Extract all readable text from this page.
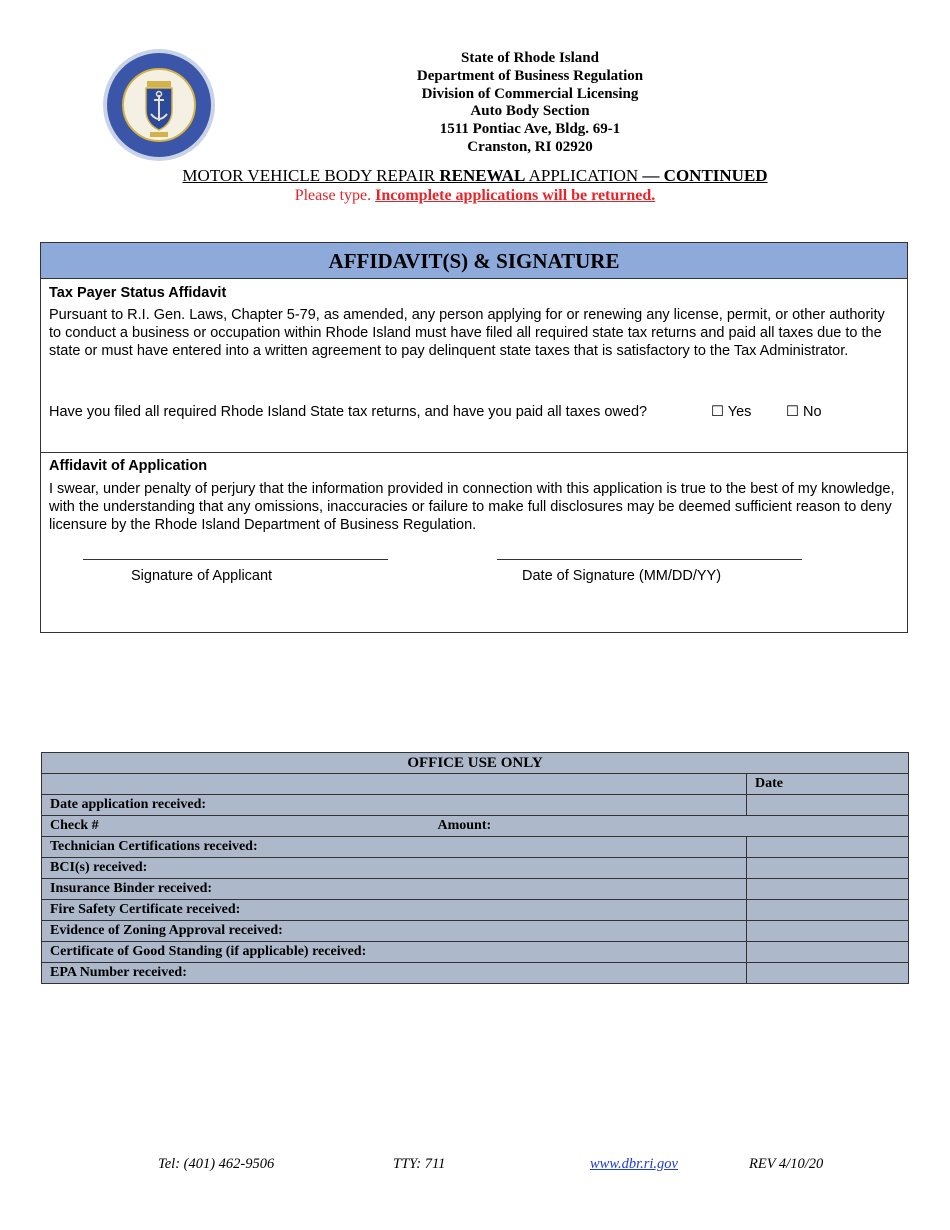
State of Rhode Island
Department of Business Regulation
Division of Commercial Licensing
Auto Body Section
1511 Pontiac Ave, Bldg. 69-1
Cranston, RI 02920
MOTOR VEHICLE BODY REPAIR RENEWAL APPLICATION — CONTINUED
Please type. Incomplete applications will be returned.
AFFIDAVIT(S) & SIGNATURE
Tax Payer Status Affidavit
Pursuant to R.I. Gen. Laws, Chapter 5-79, as amended, any person applying for or renewing any license, permit, or other authority to conduct a business or occupation within Rhode Island must have filed all required state tax returns and paid all taxes due to the state or must have entered into a written agreement to pay delinquent state taxes that is satisfactory to the Tax Administrator.
Have you filed all required Rhode Island State tax returns, and have you paid all taxes owed?	☐ Yes ☐ No
Affidavit of Application
I swear, under penalty of perjury that the information provided in connection with this application is true to the best of my knowledge, with the understanding that any omissions, inaccuracies or failure to make full disclosures may be deemed sufficient reason to deny licensure by the Rhode Island Department of Business Regulation.
Signature of Applicant	Date of Signature (MM/DD/YY)
OFFICE USE ONLY	
	Date
Date application received:	
Check # Amount:	

Technician Certifications received:	
BCI(s) received:	
Insurance Binder received:	
Fire Safety Certificate received:	
Evidence of Zoning Approval received:	
Certificate of Good Standing (if applicable) received:	
EPA Number received:	
Tel: (401) 462-9506	TTY: 711	www.dbr.ri.gov	REV 4/10/20
